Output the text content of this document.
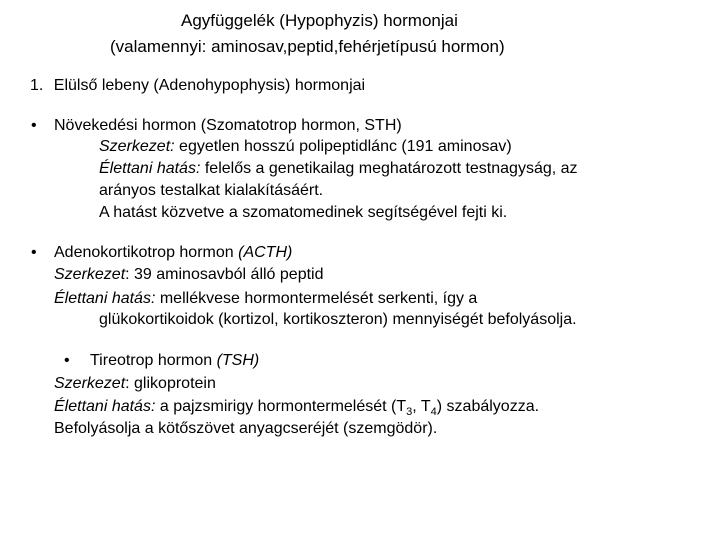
Agyfüggelék (Hypophyzis) hormonjai
(valamennyi: aminosav,peptid,fehérjetípusú hormon)
1. Elülső lebeny (Adenohypophysis) hormonjai
• Növekedési hormon (Szomatotrop hormon, STH)
Szerkezet: egyetlen hosszú polipeptidlánc (191 aminosav)
Élettani hatás: felelős a genetikailag meghatározott testnagyság, az
arányos testalkat kialakításáért.
A hatást közvetve a szomatomedinek segítségével fejti ki.
• Adenokortikotrop hormon (ACTH)
Szerkezet: 39 aminosavból álló peptid
Élettani hatás: mellékvese hormontermelését serkenti, így a
glükokortikoidok (kortizol, kortikoszteron) mennyiségét befolyásolja.
• Tireotrop hormon (TSH)
Szerkezet: glikoprotein
Élettani hatás: a pajzsmirigy hormontermelését ($T_3$, $T_4$) szabályozza.
Befolyásolja a kötőszövet anyagcseréjét (szemgödör).
